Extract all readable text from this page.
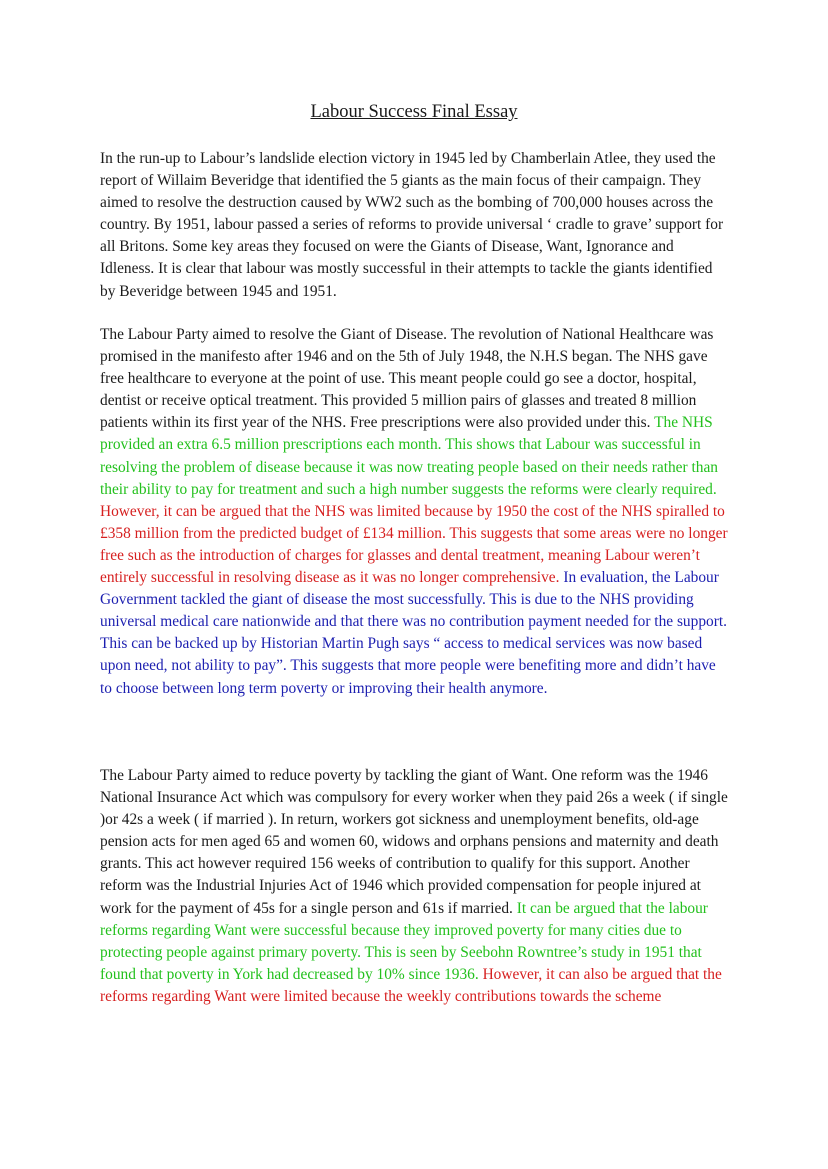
Labour Success Final Essay

In the run-up to Labour’s landslide election victory in 1945 led by Chamberlain Atlee, they used the report of Willaim Beveridge that identified the 5 giants as the main focus of their campaign. They aimed to resolve the destruction caused by WW2 such as the bombing of 700,000 houses across the country. By 1951, labour passed a series of reforms to provide universal ‘ cradle to grave’ support for all Britons. Some key areas they focused on were the Giants of Disease, Want, Ignorance and Idleness. It is clear that labour was mostly successful in their attempts to tackle the giants identified by Beveridge between 1945 and 1951.

The Labour Party aimed to resolve the Giant of Disease. The revolution of National Healthcare was promised in the manifesto after 1946 and on the 5th of July 1948, the N.H.S began. The NHS gave free healthcare to everyone at the point of use. This meant people could go see a doctor, hospital, dentist or receive optical treatment. This provided 5 million pairs of glasses and treated 8 million patients within its first year of the NHS. Free prescriptions were also provided under this. The NHS provided an extra 6.5 million prescriptions each month. This shows that Labour was successful in resolving the problem of disease because it was now treating people based on their needs rather than their ability to pay for treatment and such a high number suggests the reforms were clearly required. However, it can be argued that the NHS was limited because by 1950 the cost of the NHS spiralled to £358 million from the predicted budget of £134 million. This suggests that some areas were no longer free such as the introduction of charges for glasses and dental treatment, meaning Labour weren’t entirely successful in resolving disease as it was no longer comprehensive. In evaluation, the Labour Government tackled the giant of disease the most successfully. This is due to the NHS providing universal medical care nationwide and that there was no contribution payment needed for the support. This can be backed up by Historian Martin Pugh says “ access to medical services was now based upon need, not ability to pay”. This suggests that more people were benefiting more and didn’t have to choose between long term poverty or improving their health anymore.

The Labour Party aimed to reduce poverty by tackling the giant of Want. One reform was the 1946 National Insurance Act which was compulsory for every worker when they paid 26s a week ( if single )or 42s a week ( if married ). In return, workers got sickness and unemployment benefits, old-age pension acts for men aged 65 and women 60, widows and orphans pensions and maternity and death grants. This act however required 156 weeks of contribution to qualify for this support. Another reform was the Industrial Injuries Act of 1946 which provided compensation for people injured at work for the payment of 45s for a single person and 61s if married. It can be argued that the labour reforms regarding Want were successful because they improved poverty for many cities due to protecting people against primary poverty. This is seen by Seebohn Rowntree’s study in 1951 that found that poverty in York had decreased by 10% since 1936. However, it can also be argued that the reforms regarding Want were limited because the weekly contributions towards the scheme
